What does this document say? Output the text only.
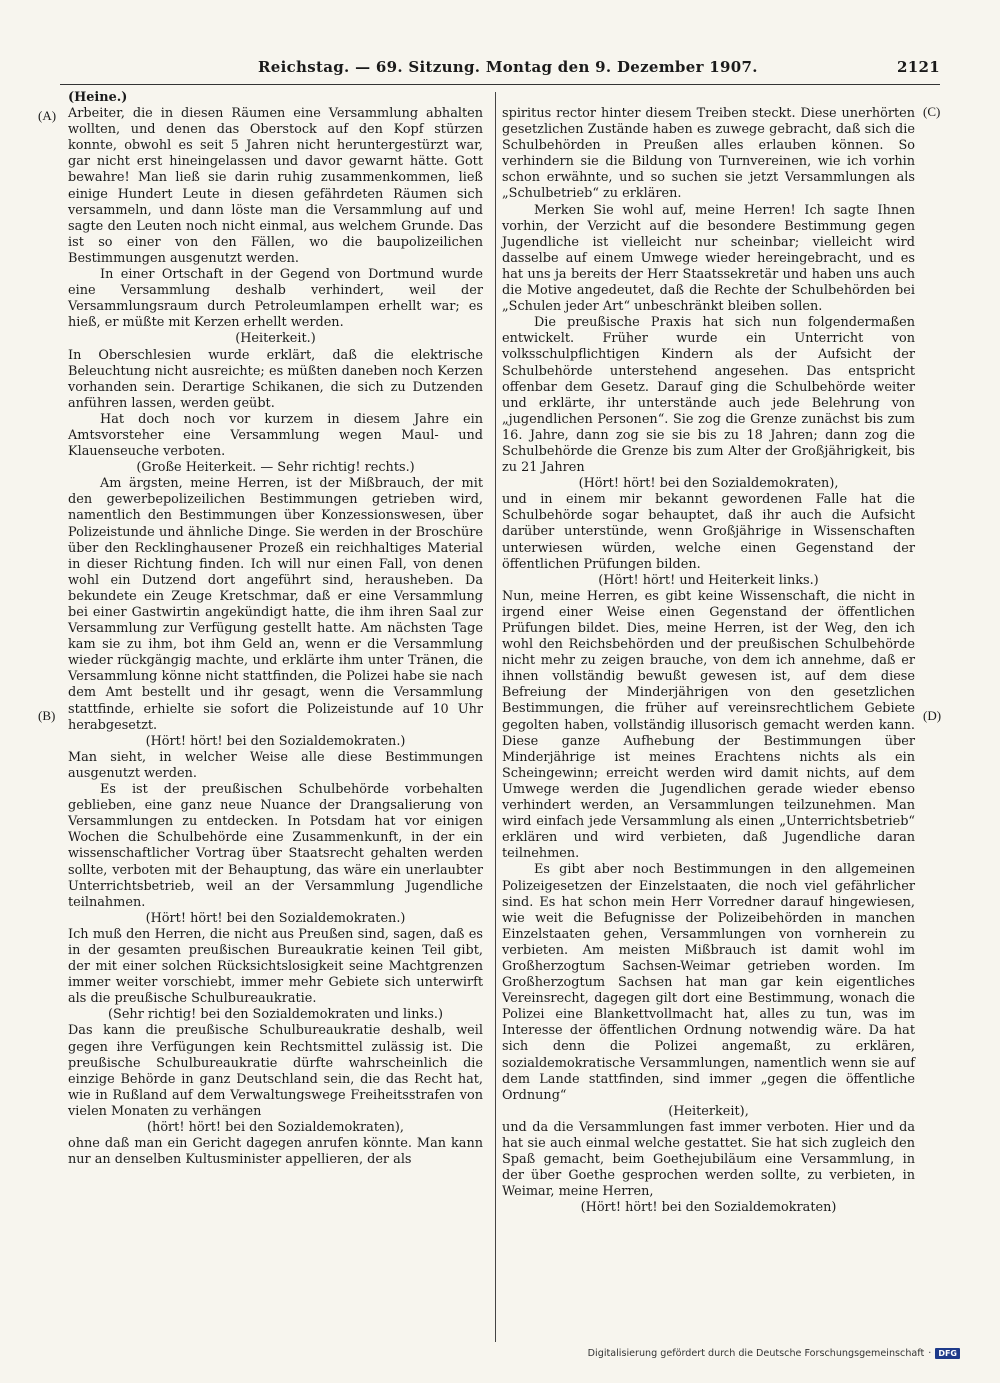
Reichstag. — 69. Sitzung. Montag den 9. Dezember 1907.	2121
(A)
(B)
(C)
(D)

(Heine.)

Arbeiter, die in diesen Räumen eine Versammlung abhalten wollten, und denen das Oberstock auf den Kopf stürzen konnte, obwohl es seit 5 Jahren nicht heruntergestürzt war, gar nicht erst hineingelassen und davor gewarnt hätte. Gott bewahre! Man ließ sie darin ruhig zusammenkommen, ließ einige Hundert Leute in diesen gefährdeten Räumen sich versammeln, und dann löste man die Versammlung auf und sagte den Leuten noch nicht einmal, aus welchem Grunde. Das ist so einer von den Fällen, wo die baupolizeilichen Bestimmungen ausgenutzt werden.

In einer Ortschaft in der Gegend von Dortmund wurde eine Versammlung deshalb verhindert, weil der Versammlungsraum durch Petroleumlampen erhellt war; es hieß, er müßte mit Kerzen erhellt werden.

(Heiterkeit.)

In Oberschlesien wurde erklärt, daß die elektrische Beleuchtung nicht ausreichte; es müßten daneben noch Kerzen vorhanden sein. Derartige Schikanen, die sich zu Dutzenden anführen lassen, werden geübt.

Hat doch noch vor kurzem in diesem Jahre ein Amtsvorsteher eine Versammlung wegen Maul- und Klauenseuche verboten.

(Große Heiterkeit. — Sehr richtig! rechts.)

Am ärgsten, meine Herren, ist der Mißbrauch, der mit den gewerbepolizeilichen Bestimmungen getrieben wird, namentlich den Bestimmungen über Konzessionswesen, über Polizeistunde und ähnliche Dinge. Sie werden in der Broschüre über den Recklinghausener Prozeß ein reichhaltiges Material in dieser Richtung finden. Ich will nur einen Fall, von denen wohl ein Dutzend dort angeführt sind, herausheben. Da bekundete ein Zeuge Kretschmar, daß er eine Versammlung bei einer Gastwirtin angekündigt hatte, die ihm ihren Saal zur Versammlung zur Verfügung gestellt hatte. Am nächsten Tage kam sie zu ihm, bot ihm Geld an, wenn er die Versammlung wieder rückgängig machte, und erklärte ihm unter Tränen, die Versammlung könne nicht stattfinden, die Polizei habe sie nach dem Amt bestellt und ihr gesagt, wenn die Versammlung stattfinde, erhielte sie sofort die Polizeistunde auf 10 Uhr herabgesetzt.

(Hört! hört! bei den Sozialdemokraten.)

Man sieht, in welcher Weise alle diese Bestimmungen ausgenutzt werden.

Es ist der preußischen Schulbehörde vorbehalten geblieben, eine ganz neue Nuance der Drangsalierung von Versammlungen zu entdecken. In Potsdam hat vor einigen Wochen die Schulbehörde eine Zusammenkunft, in der ein wissenschaftlicher Vortrag über Staatsrecht gehalten werden sollte, verboten mit der Behauptung, das wäre ein unerlaubter Unterrichtsbetrieb, weil an der Versammlung Jugendliche teilnahmen.

(Hört! hört! bei den Sozialdemokraten.)

Ich muß den Herren, die nicht aus Preußen sind, sagen, daß es in der gesamten preußischen Bureaukratie keinen Teil gibt, der mit einer solchen Rücksichtslosigkeit seine Machtgrenzen immer weiter vorschiebt, immer mehr Gebiete sich unterwirft als die preußische Schulbureaukratie.

(Sehr richtig! bei den Sozialdemokraten und links.)

Das kann die preußische Schulbureaukratie deshalb, weil gegen ihre Verfügungen kein Rechtsmittel zulässig ist. Die preußische Schulbureaukratie dürfte wahrscheinlich die einzige Behörde in ganz Deutschland sein, die das Recht hat, wie in Rußland auf dem Verwaltungswege Freiheitsstrafen von vielen Monaten zu verhängen

(hört! hört! bei den Sozialdemokraten),

ohne daß man ein Gericht dagegen anrufen könnte. Man kann nur an denselben Kultusminister appellieren, der als

spiritus rector hinter diesem Treiben steckt. Diese unerhörten gesetzlichen Zustände haben es zuwege gebracht, daß sich die Schulbehörden in Preußen alles erlauben können. So verhindern sie die Bildung von Turnvereinen, wie ich vorhin schon erwähnte, und so suchen sie jetzt Versammlungen als „Schulbetrieb“ zu erklären.

Merken Sie wohl auf, meine Herren! Ich sagte Ihnen vorhin, der Verzicht auf die besondere Bestimmung gegen Jugendliche ist vielleicht nur scheinbar; vielleicht wird dasselbe auf einem Umwege wieder hereingebracht, und es hat uns ja bereits der Herr Staatssekretär und haben uns auch die Motive angedeutet, daß die Rechte der Schulbehörden bei „Schulen jeder Art“ unbeschränkt bleiben sollen.

Die preußische Praxis hat sich nun folgendermaßen entwickelt. Früher wurde ein Unterricht von volksschulpflichtigen Kindern als der Aufsicht der Schulbehörde unterstehend angesehen. Das entspricht offenbar dem Gesetz. Darauf ging die Schulbehörde weiter und erklärte, ihr unterstände auch jede Belehrung von „jugendlichen Personen“. Sie zog die Grenze zunächst bis zum 16. Jahre, dann zog sie sie bis zu 18 Jahren; dann zog die Schulbehörde die Grenze bis zum Alter der Großjährigkeit, bis zu 21 Jahren

(Hört! hört! bei den Sozialdemokraten),

und in einem mir bekannt gewordenen Falle hat die Schulbehörde sogar behauptet, daß ihr auch die Aufsicht darüber unterstünde, wenn Großjährige in Wissenschaften unterwiesen würden, welche einen Gegenstand der öffentlichen Prüfungen bilden.

(Hört! hört! und Heiterkeit links.)

Nun, meine Herren, es gibt keine Wissenschaft, die nicht in irgend einer Weise einen Gegenstand der öffentlichen Prüfungen bildet. Dies, meine Herren, ist der Weg, den ich wohl den Reichsbehörden und der preußischen Schulbehörde nicht mehr zu zeigen brauche, von dem ich annehme, daß er ihnen vollständig bewußt gewesen ist, auf dem diese Befreiung der Minderjährigen von den gesetzlichen Bestimmungen, die früher auf vereinsrechtlichem Gebiete gegolten haben, vollständig illusorisch gemacht werden kann. Diese ganze Aufhebung der Bestimmungen über Minderjährige ist meines Erachtens nichts als ein Scheingewinn; erreicht werden wird damit nichts, auf dem Umwege werden die Jugendlichen gerade wieder ebenso verhindert werden, an Versammlungen teilzunehmen. Man wird einfach jede Versammlung als einen „Unterrichtsbetrieb“ erklären und wird verbieten, daß Jugendliche daran teilnehmen.

Es gibt aber noch Bestimmungen in den allgemeinen Polizeigesetzen der Einzelstaaten, die noch viel gefährlicher sind. Es hat schon mein Herr Vorredner darauf hingewiesen, wie weit die Befugnisse der Polizeibehörden in manchen Einzelstaaten gehen, Versammlungen von vornherein zu verbieten. Am meisten Mißbrauch ist damit wohl im Großherzogtum Sachsen-Weimar getrieben worden. Im Großherzogtum Sachsen hat man gar kein eigentliches Vereinsrecht, dagegen gilt dort eine Bestimmung, wonach die Polizei eine Blankettvollmacht hat, alles zu tun, was im Interesse der öffentlichen Ordnung notwendig wäre. Da hat sich denn die Polizei angemaßt, zu erklären, sozialdemokratische Versammlungen, namentlich wenn sie auf dem Lande stattfinden, sind immer „gegen die öffentliche Ordnung“

(Heiterkeit),

und da die Versammlungen fast immer verboten. Hier und da hat sie auch einmal welche gestattet. Sie hat sich zugleich den Spaß gemacht, beim Goethejubiläum eine Versammlung, in der über Goethe gesprochen werden sollte, zu verbieten, in Weimar, meine Herren,

(Hört! hört! bei den Sozialdemokraten)

Digitalisierung gefördert durch die Deutsche Forschungsgemeinschaft · DFG
